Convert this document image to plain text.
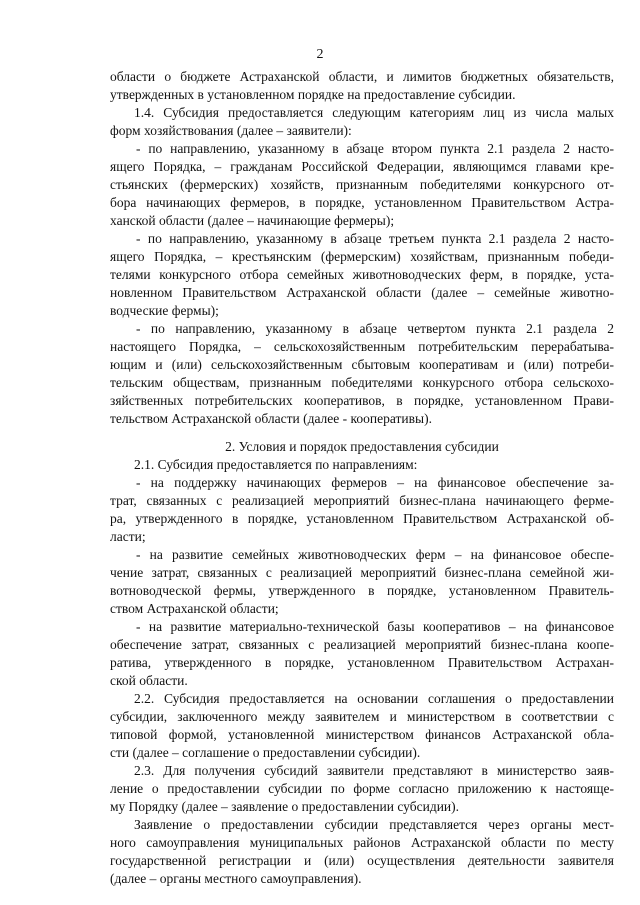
2
области о бюджете Астраханской области, и лимитов бюджетных обязательств,
утвержденных в установленном порядке на предоставление субсидии.
1.4. Субсидия предоставляется следующим категориям лиц из числа малых
форм хозяйствования (далее – заявители):
- по направлению, указанному в абзаце втором пункта 2.1 раздела 2 насто-
ящего Порядка, – гражданам Российской Федерации, являющимся главами кре-
стьянских (фермерских) хозяйств, признанным победителями конкурсного от-
бора начинающих фермеров, в порядке, установленном Правительством Астра-
ханской области (далее – начинающие фермеры);
- по направлению, указанному в абзаце третьем пункта 2.1 раздела 2 насто-
ящего Порядка, – крестьянским (фермерским) хозяйствам, признанным победи-
телями конкурсного отбора семейных животноводческих ферм, в порядке, уста-
новленном Правительством Астраханской области (далее – семейные животно-
водческие фермы);
- по направлению, указанному в абзаце четвертом пункта 2.1 раздела 2
настоящего Порядка, – сельскохозяйственным потребительским перерабатыва-
ющим и (или) сельскохозяйственным сбытовым кооперативам и (или) потреби-
тельским обществам, признанным победителями конкурсного отбора сельскохо-
зяйственных потребительских кооперативов, в порядке, установленном Прави-
тельством Астраханской области (далее - кооперативы).
2. Условия и порядок предоставления субсидии
2.1. Субсидия предоставляется по направлениям:
- на поддержку начинающих фермеров – на финансовое обеспечение за-
трат, связанных с реализацией мероприятий бизнес-плана начинающего ферме-
ра, утвержденного в порядке, установленном Правительством Астраханской об-
ласти;
- на развитие семейных животноводческих ферм – на финансовое обеспе-
чение затрат, связанных с реализацией мероприятий бизнес-плана семейной жи-
вотноводческой фермы, утвержденного в порядке, установленном Правитель-
ством Астраханской области;
- на развитие материально-технической базы кооперативов – на финансовое
обеспечение затрат, связанных с реализацией мероприятий бизнес-плана коопе-
ратива, утвержденного в порядке, установленном Правительством Астрахан-
ской области.
2.2. Субсидия предоставляется на основании соглашения о предоставлении
субсидии, заключенного между заявителем и министерством в соответствии с
типовой формой, установленной министерством финансов Астраханской обла-
сти (далее – соглашение о предоставлении субсидии).
2.3. Для получения субсидий заявители представляют в министерство заяв-
ление о предоставлении субсидии по форме согласно приложению к настояще-
му Порядку (далее – заявление о предоставлении субсидии).
Заявление о предоставлении субсидии представляется через органы мест-
ного самоуправления муниципальных районов Астраханской области по месту
государственной регистрации и (или) осуществления деятельности заявителя
(далее – органы местного самоуправления).
